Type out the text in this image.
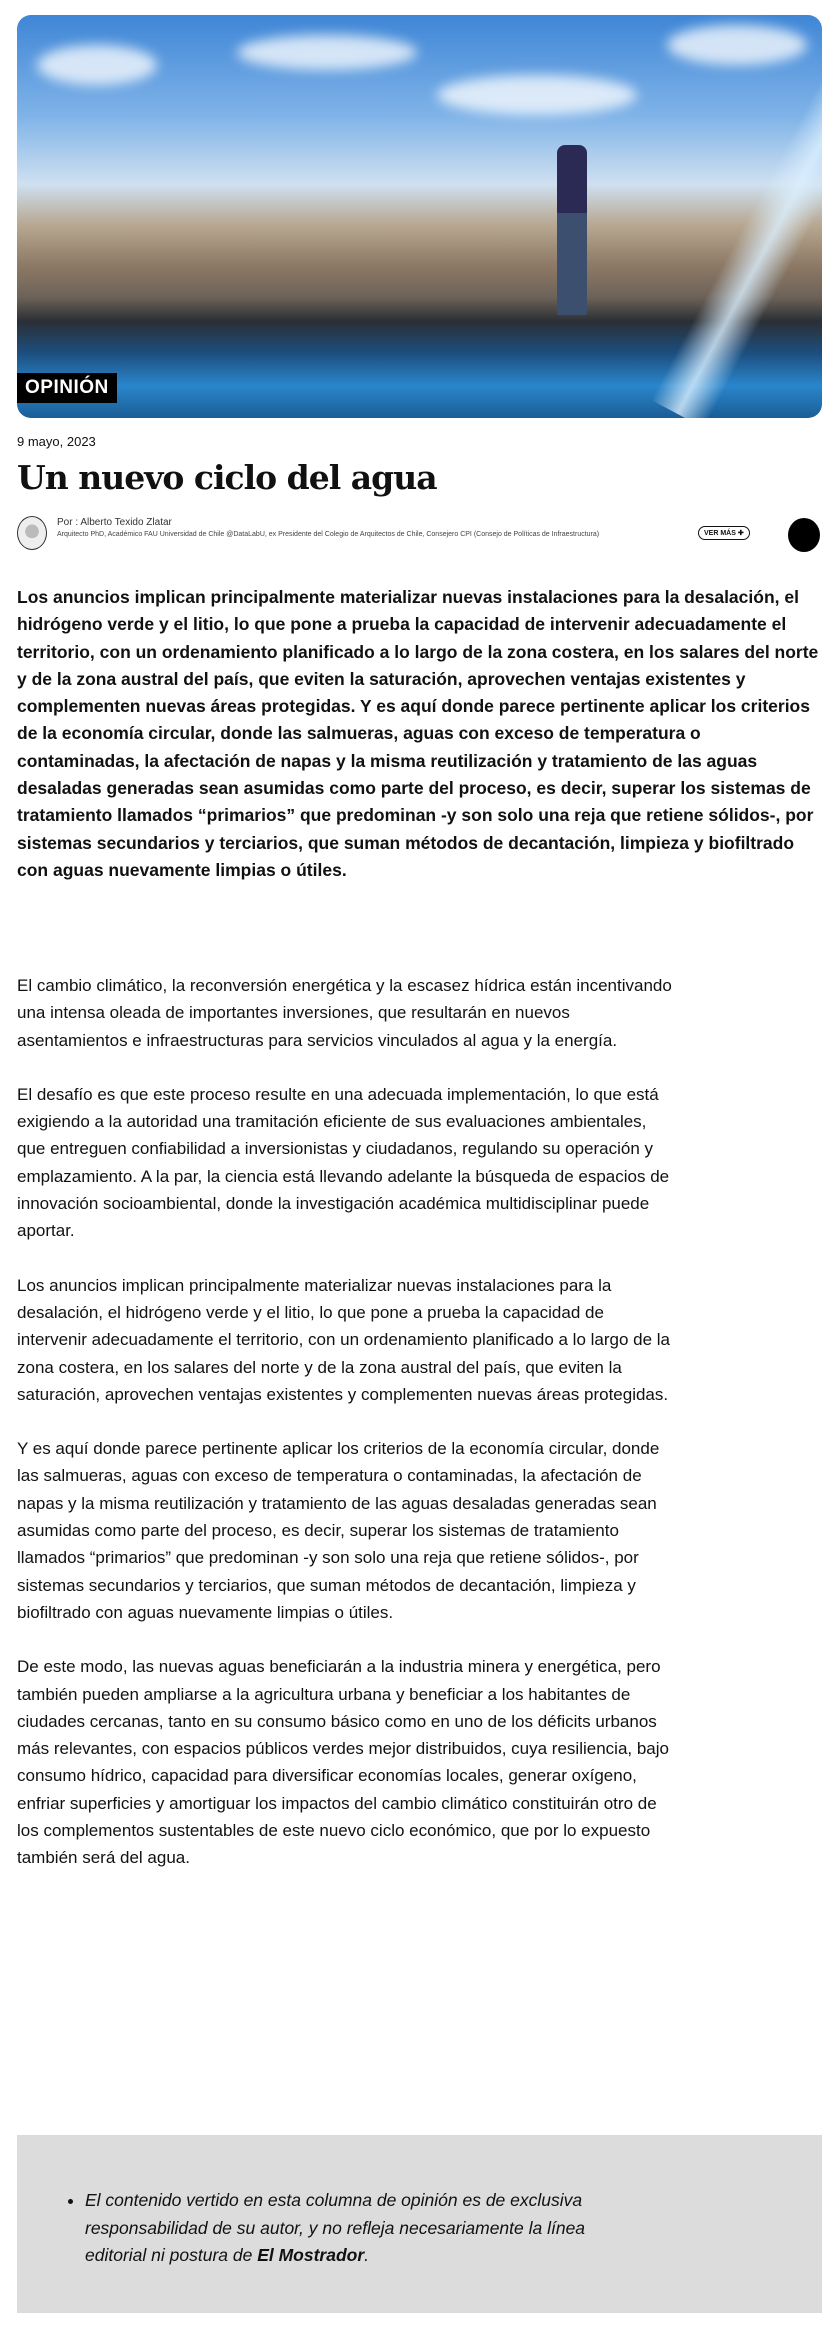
OPINIÓN
9 mayo, 2023
Un nuevo ciclo del agua
Por : Alberto Texido Zlatar
Arquitecto PhD, Académico FAU Universidad de Chile @DataLabU, ex Presidente del Colegio de Arquitectos de Chile, Consejero CPI (Consejo de Políticas de Infraestructura)	VER MÁS ✚

Los anuncios implican principalmente materializar nuevas instalaciones para la desalación, el hidrógeno verde y el litio, lo que pone a prueba la capacidad de intervenir adecuadamente el territorio, con un ordenamiento planificado a lo largo de la zona costera, en los salares del norte y de la zona austral del país, que eviten la saturación, aprovechen ventajas existentes y complementen nuevas áreas protegidas. Y es aquí donde parece pertinente aplicar los criterios de la economía circular, donde las salmueras, aguas con exceso de temperatura o contaminadas, la afectación de napas y la misma reutilización y tratamiento de las aguas desaladas generadas sean asumidas como parte del proceso, es decir, superar los sistemas de tratamiento llamados “primarios” que predominan -y son solo una reja que retiene sólidos-, por sistemas secundarios y terciarios, que suman métodos de decantación, limpieza y biofiltrado con aguas nuevamente limpias o útiles.

El cambio climático, la reconversión energética y la escasez hídrica están incentivando una intensa oleada de importantes inversiones, que resultarán en nuevos asentamientos e infraestructuras para servicios vinculados al agua y la energía.

El desafío es que este proceso resulte en una adecuada implementación, lo que está exigiendo a la autoridad una tramitación eficiente de sus evaluaciones ambientales, que entreguen confiabilidad a inversionistas y ciudadanos, regulando su operación y emplazamiento. A la par, la ciencia está llevando adelante la búsqueda de espacios de innovación socioambiental, donde la investigación académica multidisciplinar puede aportar.

Los anuncios implican principalmente materializar nuevas instalaciones para la desalación, el hidrógeno verde y el litio, lo que pone a prueba la capacidad de intervenir adecuadamente el territorio, con un ordenamiento planificado a lo largo de la zona costera, en los salares del norte y de la zona austral del país, que eviten la saturación, aprovechen ventajas existentes y complementen nuevas áreas protegidas.

Y es aquí donde parece pertinente aplicar los criterios de la economía circular, donde las salmueras, aguas con exceso de temperatura o contaminadas, la afectación de napas y la misma reutilización y tratamiento de las aguas desaladas generadas sean asumidas como parte del proceso, es decir, superar los sistemas de tratamiento llamados “primarios” que predominan -y son solo una reja que retiene sólidos-, por sistemas secundarios y terciarios, que suman métodos de decantación, limpieza y biofiltrado con aguas nuevamente limpias o útiles.

De este modo, las nuevas aguas beneficiarán a la industria minera y energética, pero también pueden ampliarse a la agricultura urbana y beneficiar a los habitantes de ciudades cercanas, tanto en su consumo básico como en uno de los déficits urbanos más relevantes, con espacios públicos verdes mejor distribuidos, cuya resiliencia, bajo consumo hídrico, capacidad para diversificar economías locales, generar oxígeno, enfriar superficies y amortiguar los impactos del cambio climático constituirán otro de los complementos sustentables de este nuevo ciclo económico, que por lo expuesto también será del agua.

• El contenido vertido en esta columna de opinión es de exclusiva responsabilidad de su autor, y no refleja necesariamente la línea editorial ni postura de El Mostrador.
